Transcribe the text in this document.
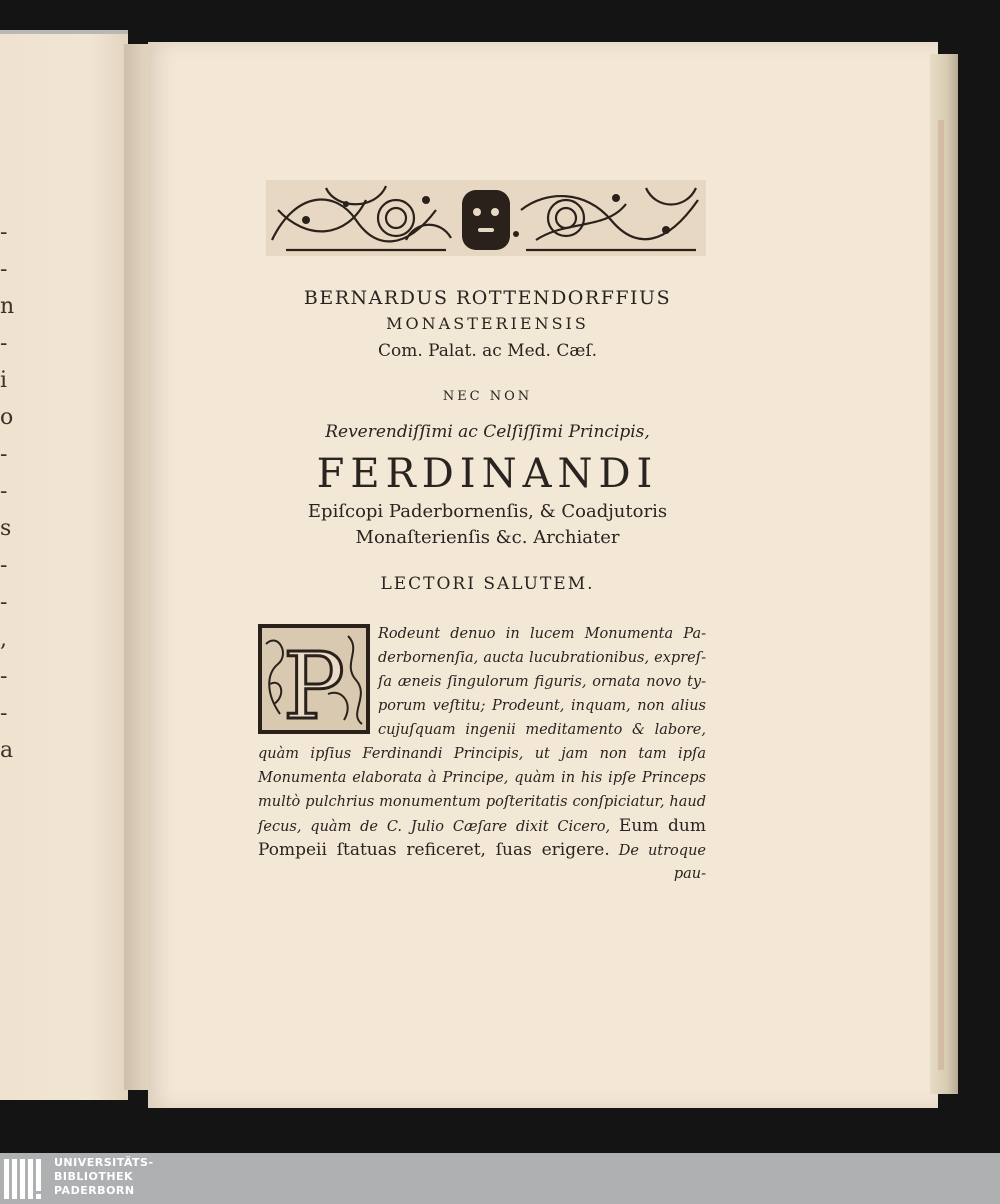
-
-
n
-
i
o
-
-
s
-
-
,
-
-
a

BERNARDUS ROTTENDORFFIUS

MONASTERIENSIS

Com. Palat. ac Med. Cæſ.

NEC NON

Reverendiſſimi ac Celſiſſimi Principis,

FERDINANDI

Epiſcopi Paderbornenſis, & Coadjutoris

Monaſterienſis &c. Archiater

LECTORI SALUTEM.

P Rodeunt denuo in lucem Monumenta Pa-
derbornenſia, aucta lucubrationibus, expreſ-
ſa æneis ſingulorum figuris, ornata novo ty-
porum veſtitu; Prodeunt, inquam, non alius
cujuſquam ingenii meditamento & labore,
quàm ipſius Ferdinandi Principis, ut jam non tam ipſa
Monumenta elaborata à Principe, quàm in his ipſe Princeps
multò pulchrius monumentum poſteritatis conſpiciatur, haud
ſecus, quàm de C. Julio Cæſare dixit Cicero, Eum dum
Pompeii ſtatuas reficeret, ſuas erigere. De utroque
pau-
UNIVERSITÄTS-
BIBLIOTHEK
PADERBORN
